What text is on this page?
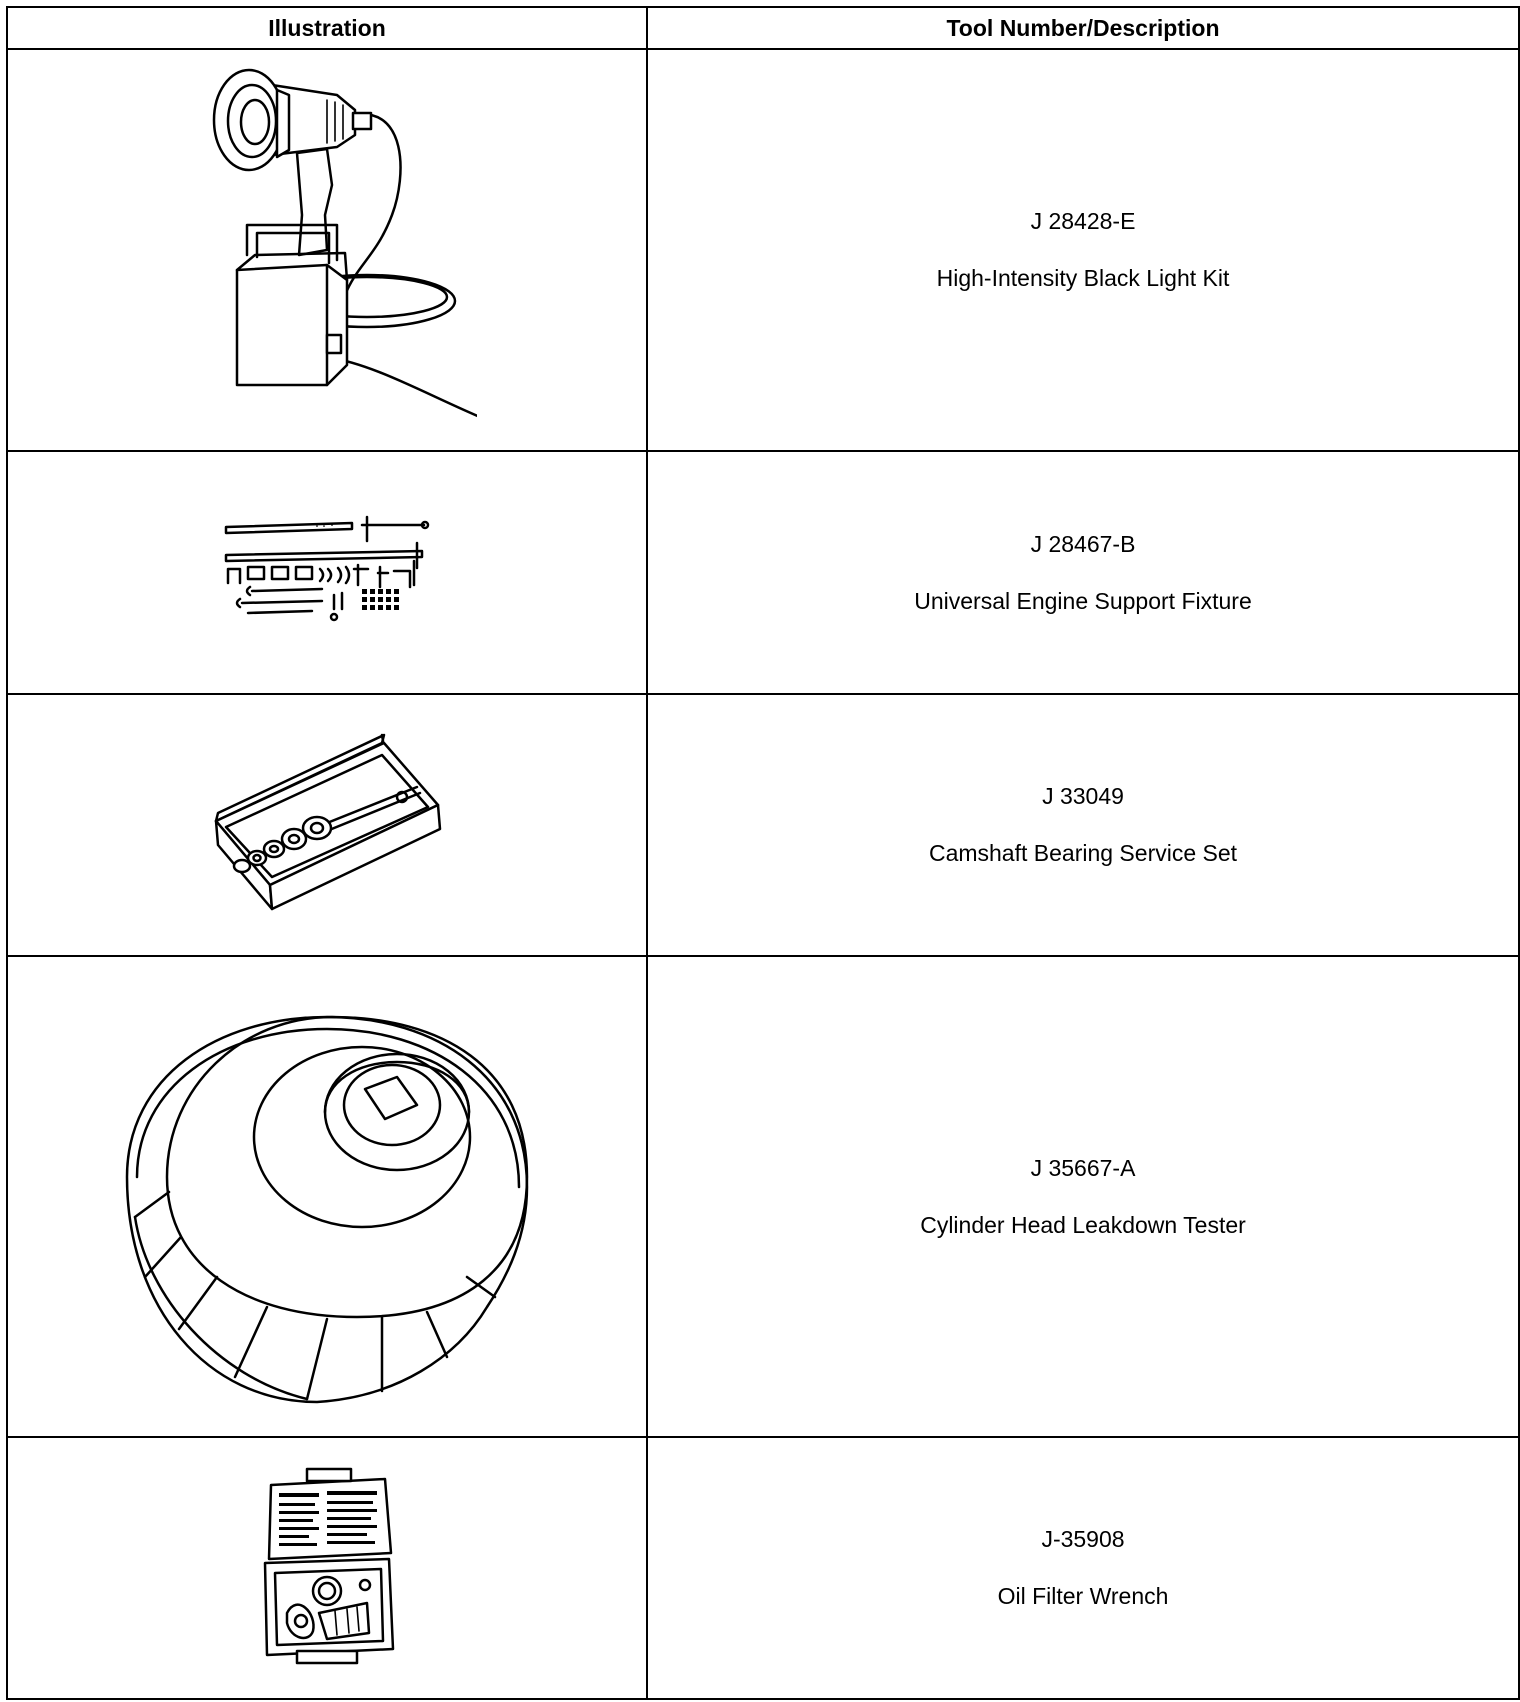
Illustration	Tool Number/Description

J 28428-E
High-Intensity Black Light Kit

J 28467-B
Universal Engine Support Fixture

J 33049
Camshaft Bearing Service Set

J 35667-A
Cylinder Head Leakdown Tester

J-35908
Oil Filter Wrench
